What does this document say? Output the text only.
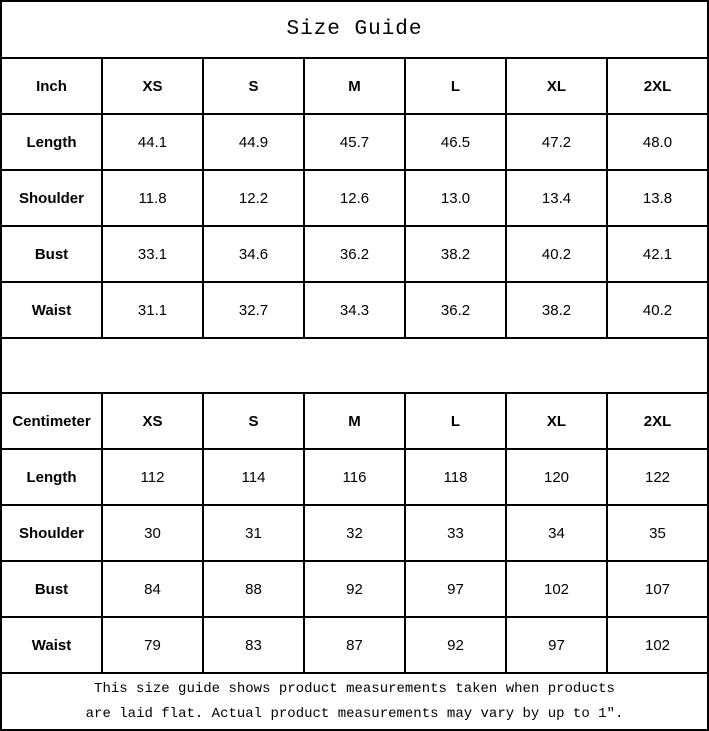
Size Guide						
Inch	XS	S	M	L	XL	2XL
Length	44.1	44.9	45.7	46.5	47.2	48.0
Shoulder	11.8	12.2	12.6	13.0	13.4	13.8
Bust	33.1	34.6	36.2	38.2	40.2	42.1
Waist	31.1	32.7	34.3	36.2	38.2	40.2

Centimeter	XS	S	M	L	XL	2XL
Length	112	114	116	118	120	122
Shoulder	30	31	32	33	34	35
Bust	84	88	92	97	102	107
Waist	79	83	87	92	97	102

This size guide shows product measurements taken when products
are laid flat. Actual product measurements may vary by up to 1″.						
